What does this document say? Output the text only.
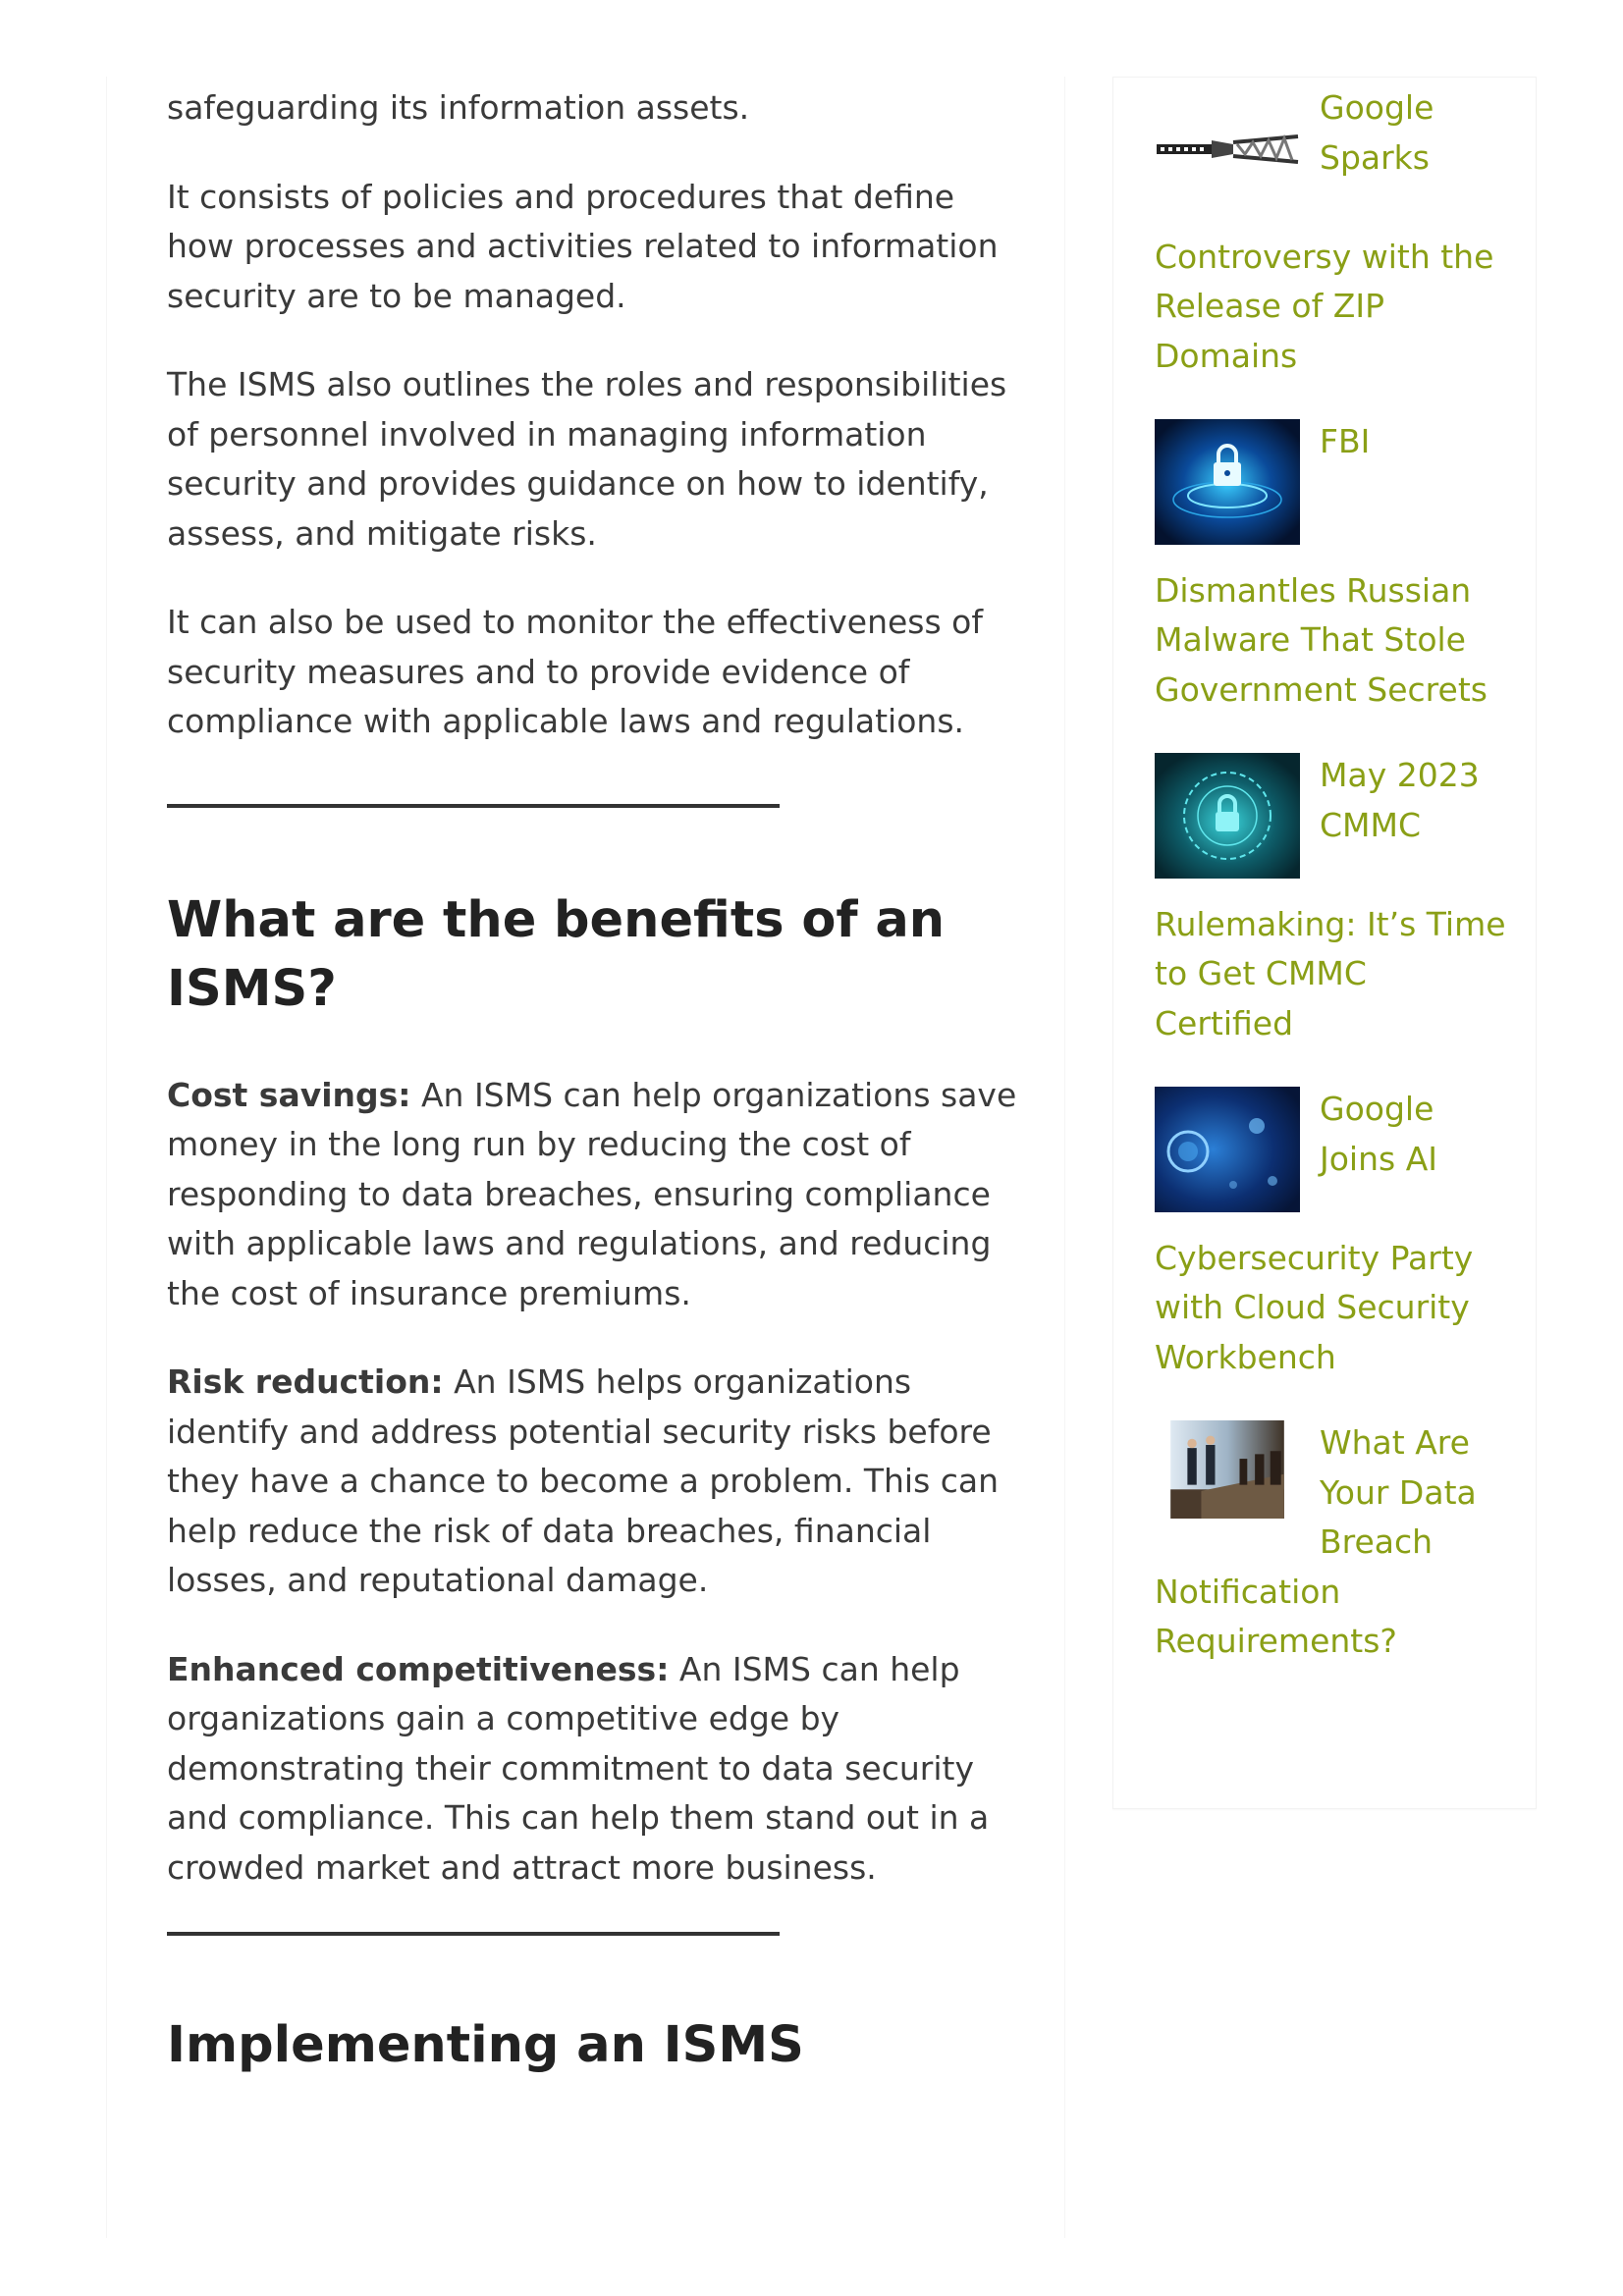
safeguarding its information assets.

It consists of policies and procedures that define how processes and activities related to information security are to be managed.

The ISMS also outlines the roles and responsibilities of personnel involved in managing information security and provides guidance on how to identify, assess, and mitigate risks.

It can also be used to monitor the effectiveness of security measures and to provide evidence of compliance with applicable laws and regulations.

What are the benefits of an ISMS?

Cost savings: An ISMS can help organizations save money in the long run by reducing the cost of responding to data breaches, ensuring compliance with applicable laws and regulations, and reducing the cost of insurance premiums.

Risk reduction: An ISMS helps organizations identify and address potential security risks before they have a chance to become a problem. This can help reduce the risk of data breaches, financial losses, and reputational damage.

Enhanced competitiveness: An ISMS can help organizations gain a competitive edge by demonstrating their commitment to data security and compliance. This can help them stand out in a crowded market and attract more business.

Implementing an ISMS
Google Sparks

Controversy with the Release of ZIP Domains
FBI

Dismantles Russian Malware That Stole Government Secrets
May 2023 CMMC

Rulemaking: It’s Time to Get CMMC Certified
Google Joins AI

Cybersecurity Party with Cloud Security Workbench
What Are Your Data Breach
Notification Requirements?
